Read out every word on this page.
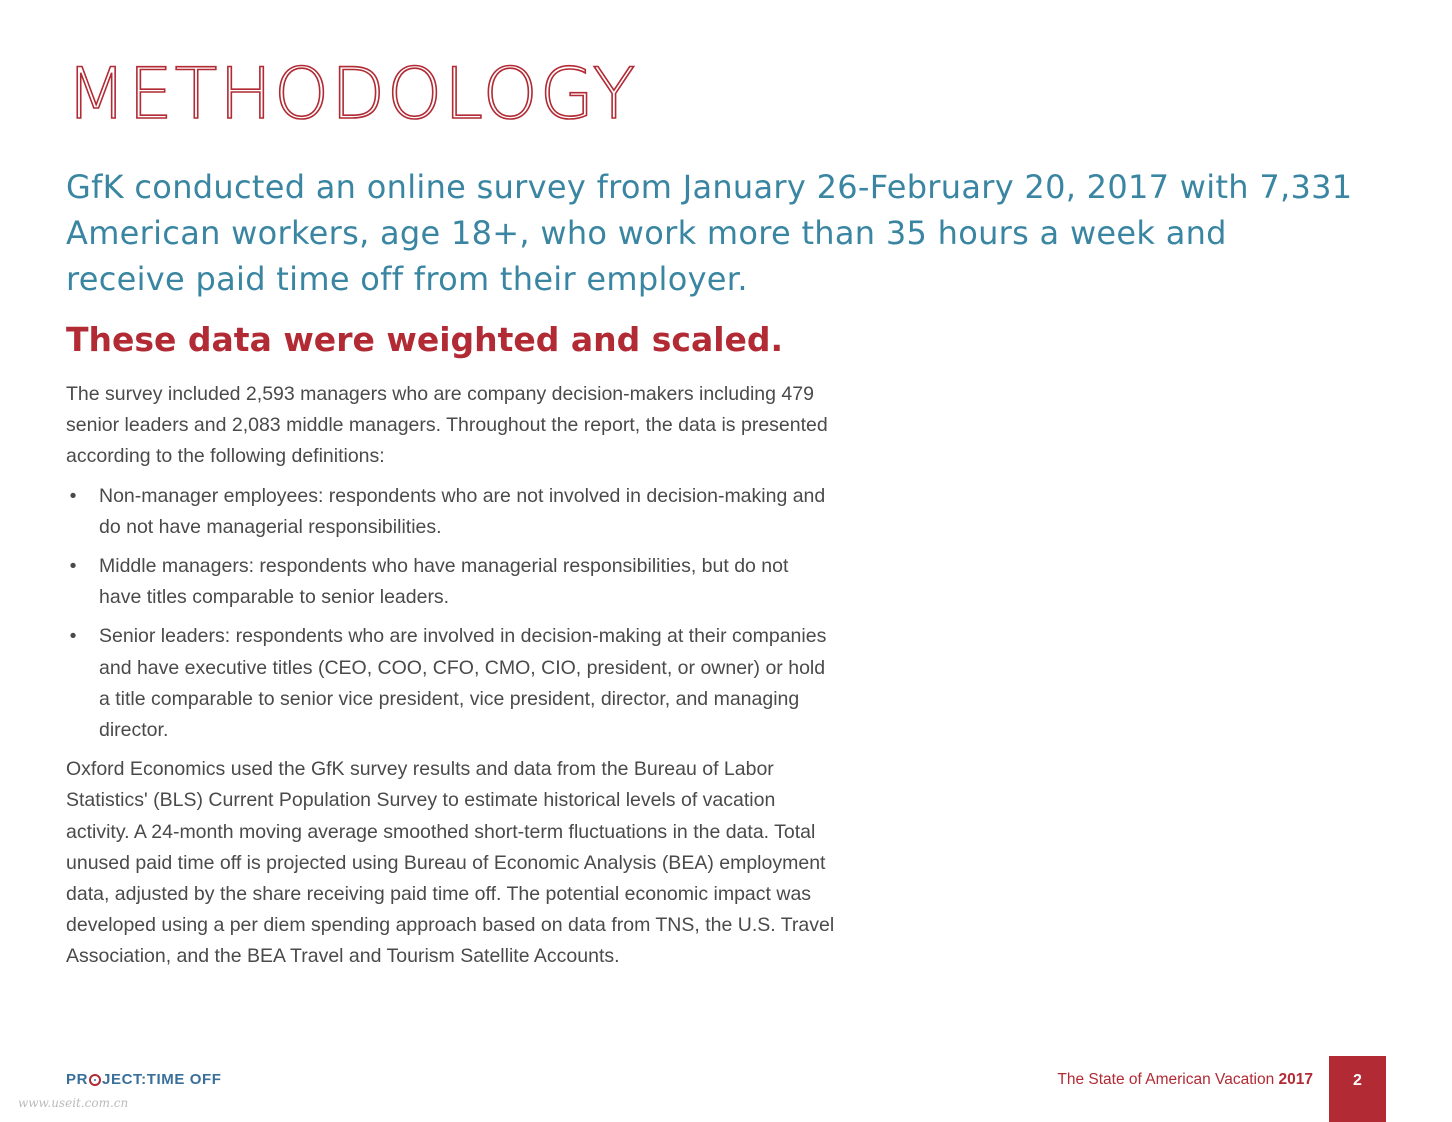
METHODOLOGY

GfK conducted an online survey from January 26-February 20, 2017 with 7,331 American workers, age 18+, who work more than 35 hours a week and receive paid time off from their employer.

These data were weighted and scaled.

The survey included 2,593 managers who are company decision-makers including 479 senior leaders and 2,083 middle managers. Throughout the report, the data is presented according to the following definitions:

• Non-manager employees: respondents who are not involved in decision-making and do not have managerial responsibilities.
• Middle managers: respondents who have managerial responsibilities, but do not have titles comparable to senior leaders.
• Senior leaders: respondents who are involved in decision-making at their companies and have executive titles (CEO, COO, CFO, CMO, CIO, president, or owner) or hold a title comparable to senior vice president, vice president, director, and managing director.

Oxford Economics used the GfK survey results and data from the Bureau of Labor Statistics' (BLS) Current Population Survey to estimate historical levels of vacation activity. A 24-month moving average smoothed short-term fluctuations in the data. Total unused paid time off is projected using Bureau of Economic Analysis (BEA) employment data, adjusted by the share receiving paid time off. The potential economic impact was developed using a per diem spending approach based on data from TNS, the U.S. Travel Association, and the BEA Travel and Tourism Satellite Accounts.

PR JECT:TIME OFF
www.useit.com.cn
The State of American Vacation 2017	2
